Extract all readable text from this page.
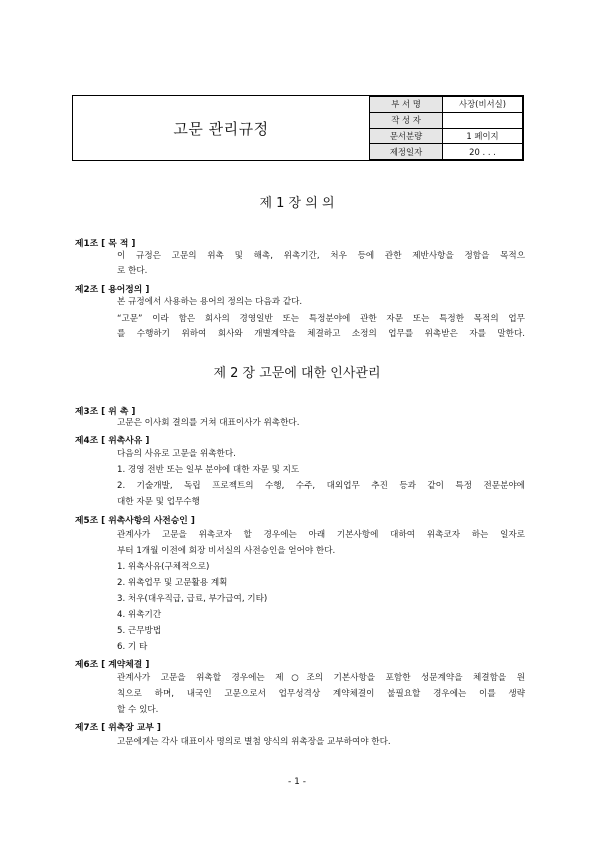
고문 관리규정
부 서 명	사장(비서실)
작 성 자	
문서분량	1 페이지
제정일자	20 . . .
제 1 장 의 의
제1조 [ 목 적 ]
이 규정은 고문의 위촉 및 해촉, 위촉기간, 처우 등에 관한 제반사항을 정함을 목적으
로 한다.
제2조 [ 용어정의 ]
본 규정에서 사용하는 용어의 정의는 다음과 같다.
“고문” 이라 함은 회사의 경영일반 또는 특정분야에 관한 자문 또는 특정한 목적의 업무
를 수행하기 위하여 회사와 개별계약을 체결하고 소정의 업무를 위촉받은 자를 말한다.
제 2 장 고문에 대한 인사관리
제3조 [ 위 촉 ]
고문은 이사회 결의를 거쳐 대표이사가 위촉한다.
제4조 [ 위촉사유 ]
다음의 사유로 고문을 위촉한다.
1. 경영 전반 또는 일부 분야에 대한 자문 및 지도
2. 기술개발, 독립 프로젝트의 수행, 수주, 대외업무 추진 등과 같이 특정 전문분야에
대한 자문 및 업무수행
제5조 [ 위촉사항의 사전승인 ]
관계사가 고문을 위촉코자 할 경우에는 아래 기본사항에 대하여 위촉코자 하는 일자로
부터 1개월 이전에 회장 비서실의 사전승인을 얻어야 한다.
1. 위촉사유(구체적으로)
2. 위촉업무 및 고문활용 계획
3. 처우(대우직급, 급료, 부가급여, 기타)
4. 위촉기간
5. 근무방법
6. 기 타
제6조 [ 계약체결 ]
관계사가 고문을 위촉할 경우에는 제○조의 기본사항을 포함한 성문계약을 체결함을 원
칙으로 하며, 내국인 고문으로서 업무성격상 계약체결이 불필요할 경우에는 이를 생략
할 수 있다.
제7조 [ 위촉장 교부 ]
고문에게는 각사 대표이사 명의로 별첨 양식의 위촉장을 교부하여야 한다.
- 1 -
